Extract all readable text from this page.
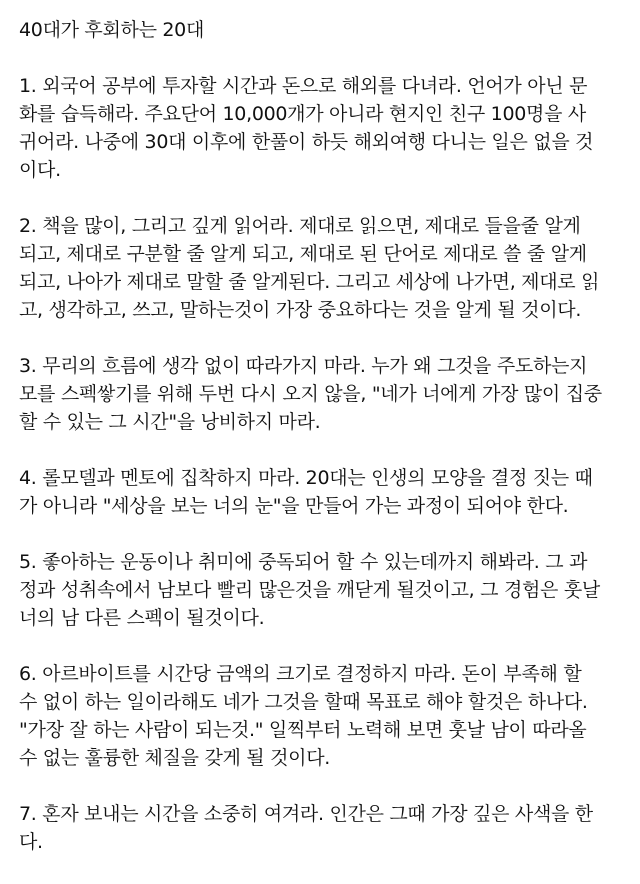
40대가 후회하는 20대
1. 외국어 공부에 투자할 시간과 돈으로 해외를 다녀라. 언어가 아닌 문
화를 습득해라. 주요단어 10,000개가 아니라 현지인 친구 100명을 사
귀어라. 나중에 30대 이후에 한풀이 하듯 해외여행 다니는 일은 없을 것
이다.
2. 책을 많이, 그리고 깊게 읽어라. 제대로 읽으면, 제대로 들을줄 알게
되고, 제대로 구분할 줄 알게 되고, 제대로 된 단어로 제대로 쓸 줄 알게
되고, 나아가 제대로 말할 줄 알게된다. 그리고 세상에 나가면, 제대로 읽
고, 생각하고, 쓰고, 말하는것이 가장 중요하다는 것을 알게 될 것이다.
3. 무리의 흐름에 생각 없이 따라가지 마라. 누가 왜 그것을 주도하는지
모를 스펙쌓기를 위해 두번 다시 오지 않을, "네가 너에게 가장 많이 집중
할 수 있는 그 시간"을 낭비하지 마라.
4. 롤모델과 멘토에 집착하지 마라. 20대는 인생의 모양을 결정 짓는 때
가 아니라 "세상을 보는 너의 눈"을 만들어 가는 과정이 되어야 한다.
5. 좋아하는 운동이나 취미에 중독되어 할 수 있는데까지 해봐라. 그 과
정과 성취속에서 남보다 빨리 많은것을 깨닫게 될것이고, 그 경험은 훗날
너의 남 다른 스펙이 될것이다.
6. 아르바이트를 시간당 금액의 크기로 결정하지 마라. 돈이 부족해 할
수 없이 하는 일이라해도 네가 그것을 할때 목표로 해야 할것은 하나다.
"가장 잘 하는 사람이 되는것." 일찍부터 노력해 보면 훗날 남이 따라올
수 없는 훌륭한 체질을 갖게 될 것이다.
7. 혼자 보내는 시간을 소중히 여겨라. 인간은 그때 가장 깊은 사색을 한
다.
